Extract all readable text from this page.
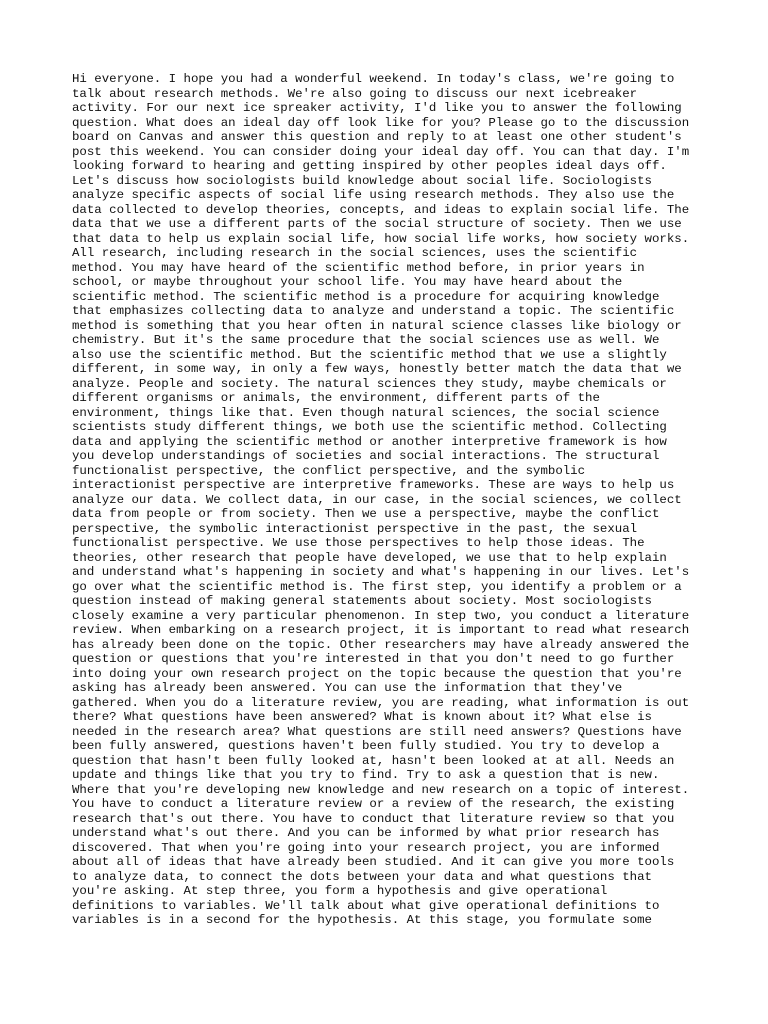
Hi everyone. I hope you had a wonderful weekend. In today's class, we're going to
talk about research methods. We're also going to discuss our next icebreaker
activity. For our next ice spreaker activity, I'd like you to answer the following
question. What does an ideal day off look like for you? Please go to the discussion
board on Canvas and answer this question and reply to at least one other student's
post this weekend. You can consider doing your ideal day off. You can that day. I'm
looking forward to hearing and getting inspired by other peoples ideal days off.
Let's discuss how sociologists build knowledge about social life. Sociologists
analyze specific aspects of social life using research methods. They also use the
data collected to develop theories, concepts, and ideas to explain social life. The
data that we use a different parts of the social structure of society. Then we use
that data to help us explain social life, how social life works, how society works.
All research, including research in the social sciences, uses the scientific
method. You may have heard of the scientific method before, in prior years in
school, or maybe throughout your school life. You may have heard about the
scientific method. The scientific method is a procedure for acquiring knowledge
that emphasizes collecting data to analyze and understand a topic. The scientific
method is something that you hear often in natural science classes like biology or
chemistry. But it's the same procedure that the social sciences use as well. We
also use the scientific method. But the scientific method that we use a slightly
different, in some way, in only a few ways, honestly better match the data that we
analyze. People and society. The natural sciences they study, maybe chemicals or
different organisms or animals, the environment, different parts of the
environment, things like that. Even though natural sciences, the social science
scientists study different things, we both use the scientific method. Collecting
data and applying the scientific method or another interpretive framework is how
you develop understandings of societies and social interactions. The structural
functionalist perspective, the conflict perspective, and the symbolic
interactionist perspective are interpretive frameworks. These are ways to help us
analyze our data. We collect data, in our case, in the social sciences, we collect
data from people or from society. Then we use a perspective, maybe the conflict
perspective, the symbolic interactionist perspective in the past, the sexual
functionalist perspective. We use those perspectives to help those ideas. The
theories, other research that people have developed, we use that to help explain
and understand what's happening in society and what's happening in our lives. Let's
go over what the scientific method is. The first step, you identify a problem or a
question instead of making general statements about society. Most sociologists
closely examine a very particular phenomenon. In step two, you conduct a literature
review. When embarking on a research project, it is important to read what research
has already been done on the topic. Other researchers may have already answered the
question or questions that you're interested in that you don't need to go further
into doing your own research project on the topic because the question that you're
asking has already been answered. You can use the information that they've
gathered. When you do a literature review, you are reading, what information is out
there? What questions have been answered? What is known about it? What else is
needed in the research area? What questions are still need answers? Questions have
been fully answered, questions haven't been fully studied. You try to develop a
question that hasn't been fully looked at, hasn't been looked at at all. Needs an
update and things like that you try to find. Try to ask a question that is new.
Where that you're developing new knowledge and new research on a topic of interest.
You have to conduct a literature review or a review of the research, the existing
research that's out there. You have to conduct that literature review so that you
understand what's out there. And you can be informed by what prior research has
discovered. That when you're going into your research project, you are informed
about all of ideas that have already been studied. And it can give you more tools
to analyze data, to connect the dots between your data and what questions that
you're asking. At step three, you form a hypothesis and give operational
definitions to variables. We'll talk about what give operational definitions to
variables is in a second for the hypothesis. At this stage, you formulate some
